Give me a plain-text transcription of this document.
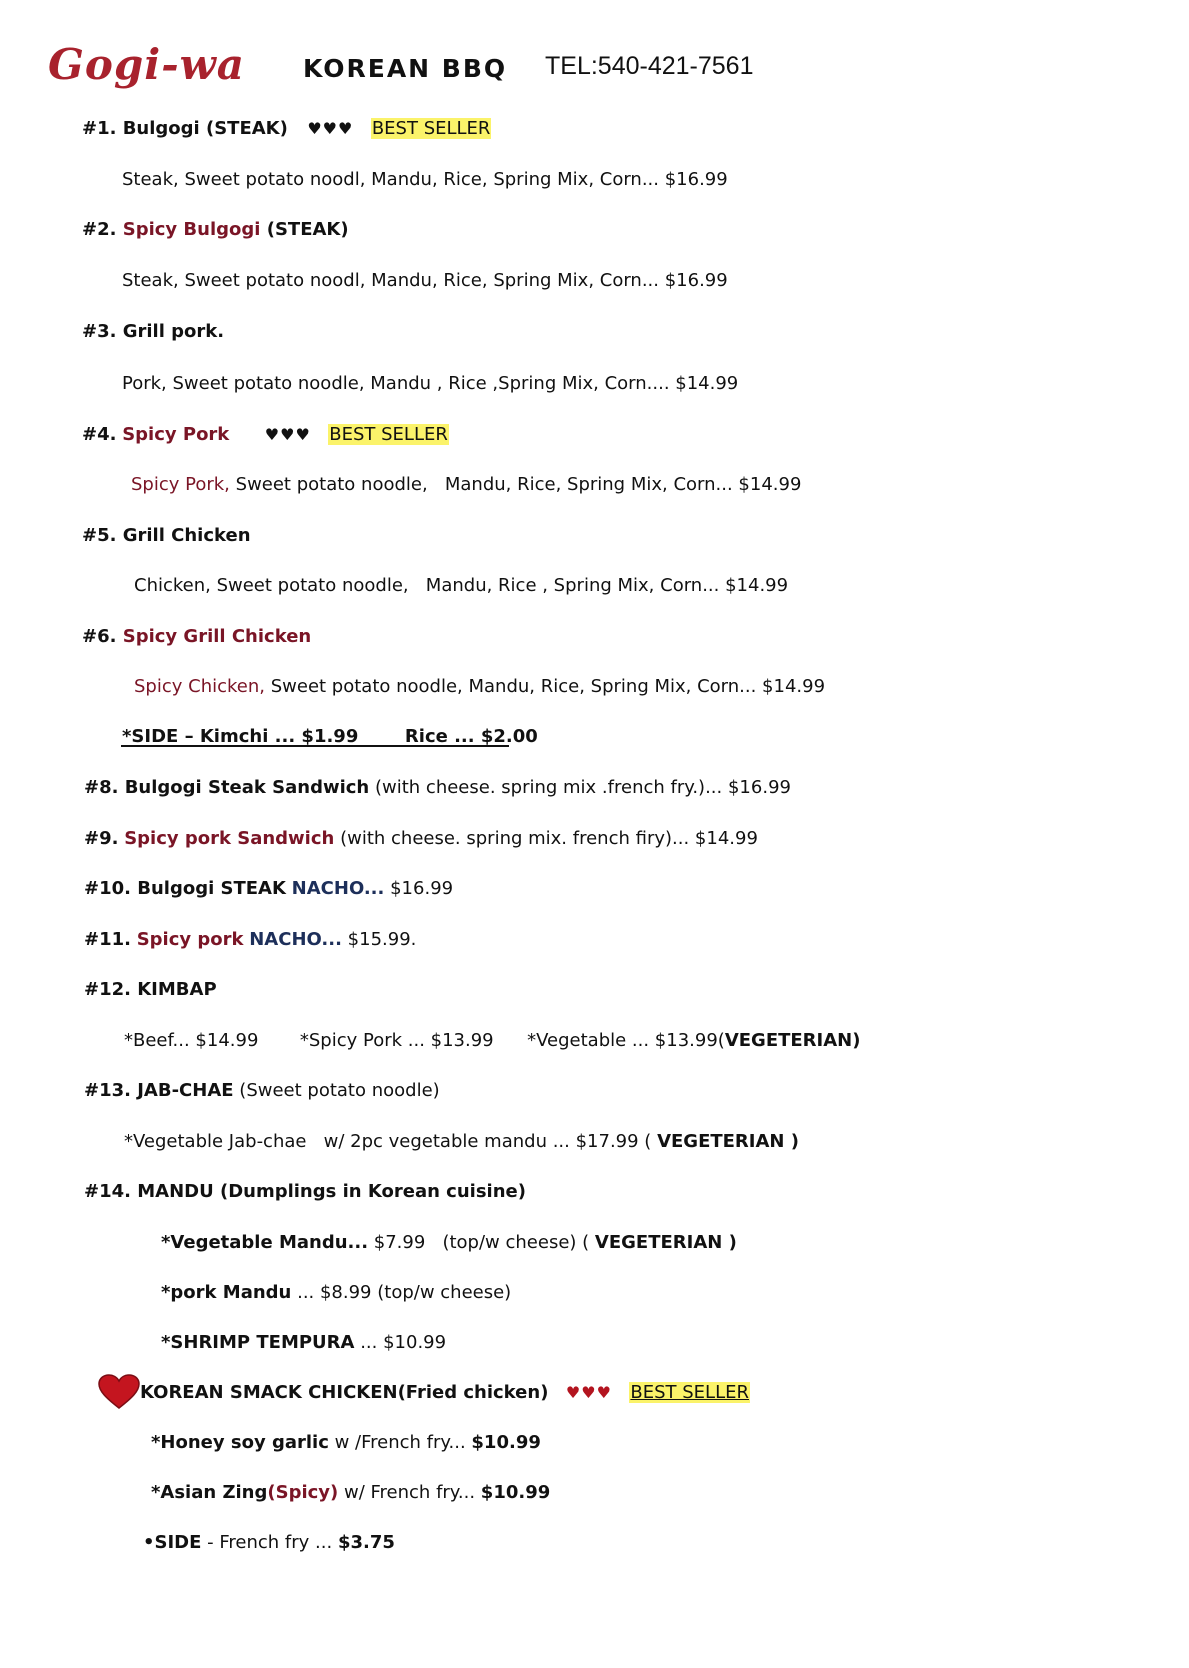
Gogi-wa KOREAN BBQ TEL:540-421-7561
#1. Bulgogi (STEAK) ♥♥♥ BEST SELLER
Steak, Sweet potato noodl, Mandu, Rice, Spring Mix, Corn... $16.99
#2. Spicy Bulgogi (STEAK)
Steak, Sweet potato noodl, Mandu, Rice, Spring Mix, Corn... $16.99
#3. Grill pork.
Pork, Sweet potato noodle, Mandu , Rice ,Spring Mix, Corn.... $14.99
#4. Spicy Pork ♥♥♥ BEST SELLER
Spicy Pork, Sweet potato noodle,   Mandu, Rice, Spring Mix, Corn... $14.99
#5. Grill Chicken
Chicken, Sweet potato noodle,   Mandu, Rice , Spring Mix, Corn... $14.99
#6. Spicy Grill Chicken
Spicy Chicken, Sweet potato noodle, Mandu, Rice, Spring Mix, Corn... $14.99
*SIDE – Kimchi ... $1.99	Rice ... $2.00
#8. Bulgogi Steak Sandwich (with cheese. spring mix .french fry.)... $16.99
#9. Spicy pork Sandwich (with cheese. spring mix. french firy)... $14.99
#10. Bulgogi STEAK NACHO... $16.99
#11. Spicy pork NACHO... $15.99.
#12. KIMBAP
*Beef... $14.99 *Spicy Pork ... $13.99 *Vegetable ... $13.99(VEGETERIAN)
#13. JAB-CHAE (Sweet potato noodle)
*Vegetable Jab-chae   w/ 2pc vegetable mandu ... $17.99 ( VEGETERIAN )
#14. MANDU (Dumplings in Korean cuisine)
*Vegetable Mandu... $7.99   (top/w cheese) ( VEGETERIAN )
*pork Mandu ... $8.99 (top/w cheese)
*SHRIMP TEMPURA ... $10.99
KOREAN SMACK CHICKEN(Fried chicken) ♥♥♥ BEST SELLER
*Honey soy garlic w /French fry... $10.99
*Asian Zing(Spicy) w/ French fry... $10.99
•SIDE - French fry ... $3.75
